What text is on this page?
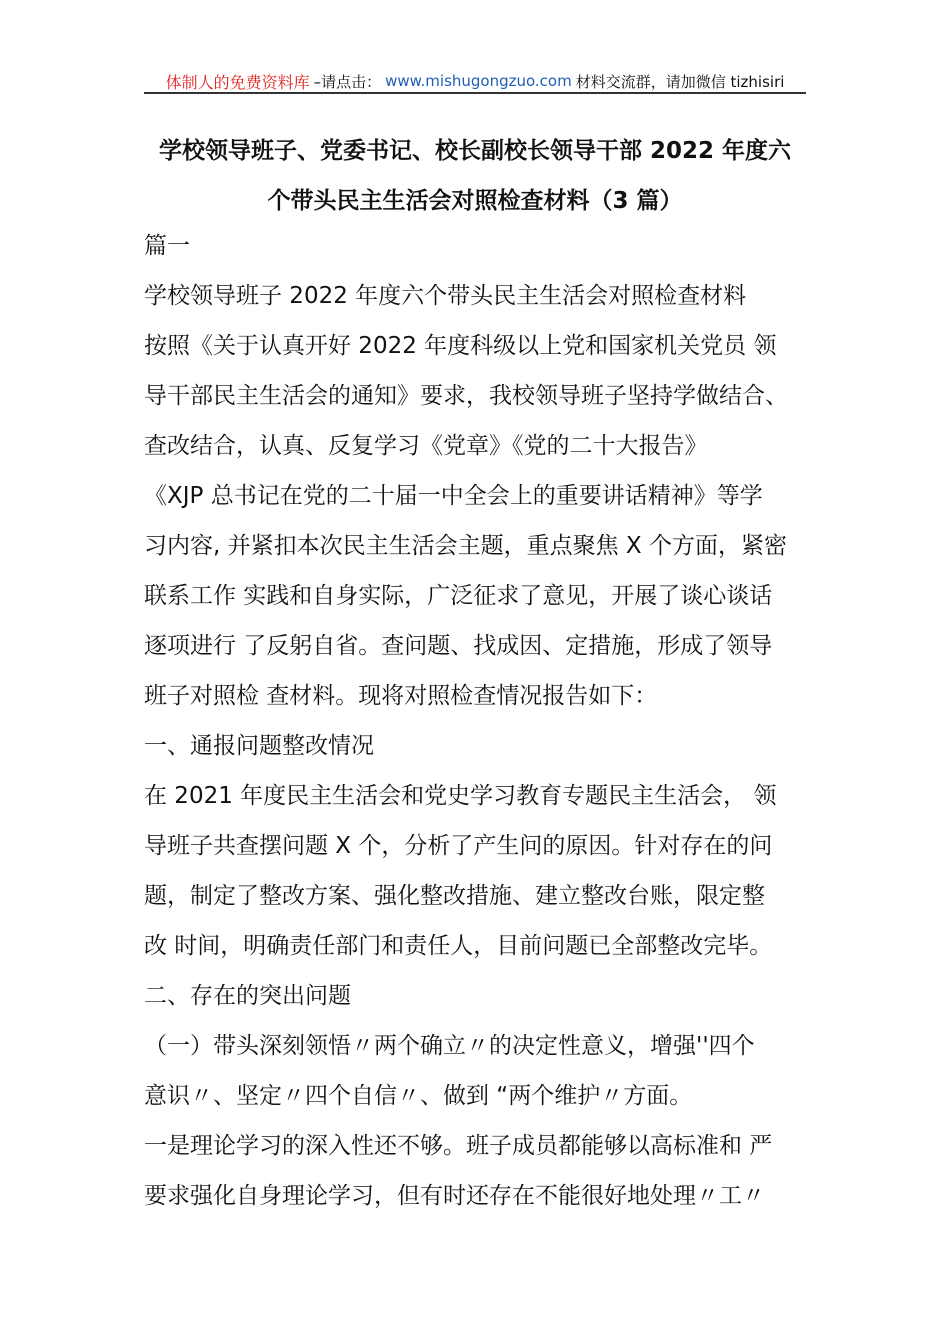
体制人的免费资料库 –请点击： www.mishugongzuo.com 材料交流群，请加微信 tizhisiri
学校领导班子、党委书记、校长副校长领导干部 2022 年度六
个带头民主生活会对照检查材料（3 篇）
篇一
学校领导班子 2022 年度六个带头民主生活会对照检查材料
按照《关于认真开好 2022 年度科级以上党和国家机关党员 领
导干部民主生活会的通知》要求，我校领导班子坚持学做结合、
查改结合，认真、反复学习《党章》《党的二十大报告》
《XJP 总书记在党的二十届一中全会上的重要讲话精神》等学
习内容, 并紧扣本次民主生活会主题，重点聚焦 X 个方面，紧密
联系工作 实践和自身实际，广泛征求了意见，开展了谈心谈话
逐项进行 了反躬自省。查问题、找成因、定措施，形成了领导
班子对照检 查材料。现将对照检查情况报告如下：
一、通报问题整改情况
在 2021 年度民主生活会和党史学习教育专题民主生活会， 领
导班子共查摆问题 X 个，分析了产生问的原因。针对存在的问
题，制定了整改方案、强化整改措施、建立整改台账，限定整
改 时间，明确责任部门和责任人，目前问题已全部整改完毕。
二、存在的突出问题
（一）带头深刻领悟〃两个确立〃的决定性意义，增强''四个
意识〃、坚定〃四个自信〃、做到 “两个维护〃方面。
一是理论学习的深入性还不够。班子成员都能够以高标准和 严
要求强化自身理论学习，但有时还存在不能很好地处理〃工〃
